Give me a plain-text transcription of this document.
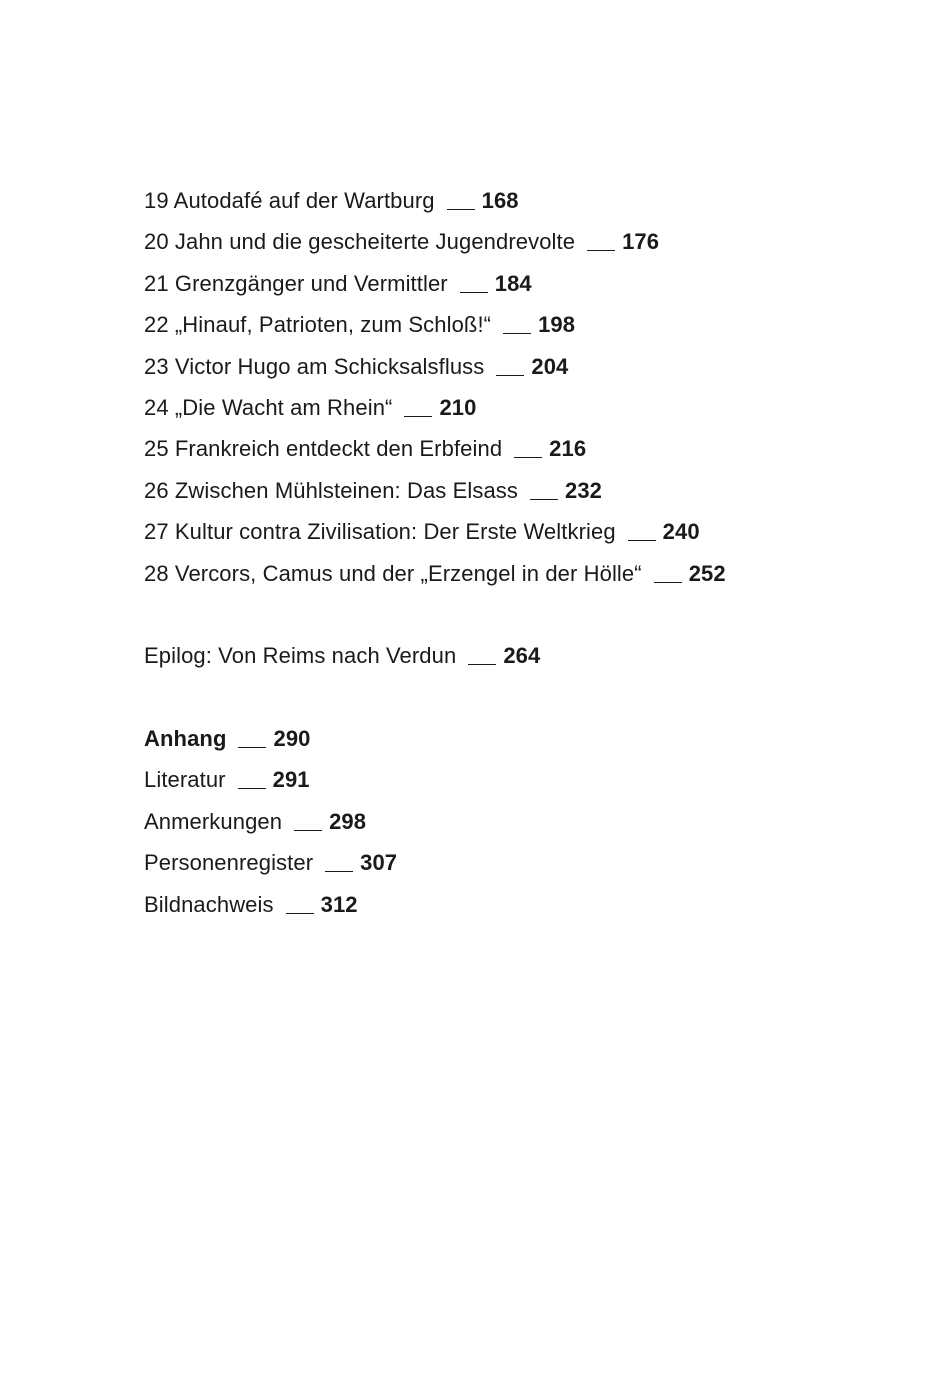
19 Autodafé auf der Wartburg 168
20 Jahn und die gescheiterte Jugendrevolte 176
21 Grenzgänger und Vermittler 184
22 „Hinauf, Patrioten, zum Schloß!“ 198
23 Victor Hugo am Schicksalsfluss 204
24 „Die Wacht am Rhein“ 210
25 Frankreich entdeckt den Erbfeind 216
26 Zwischen Mühlsteinen: Das Elsass 232
27 Kultur contra Zivilisation: Der Erste Weltkrieg 240
28 Vercors, Camus und der „Erzengel in der Hölle“ 252
Epilog: Von Reims nach Verdun 264
Anhang 290
Literatur 291
Anmerkungen 298
Personenregister 307
Bildnachweis 312
